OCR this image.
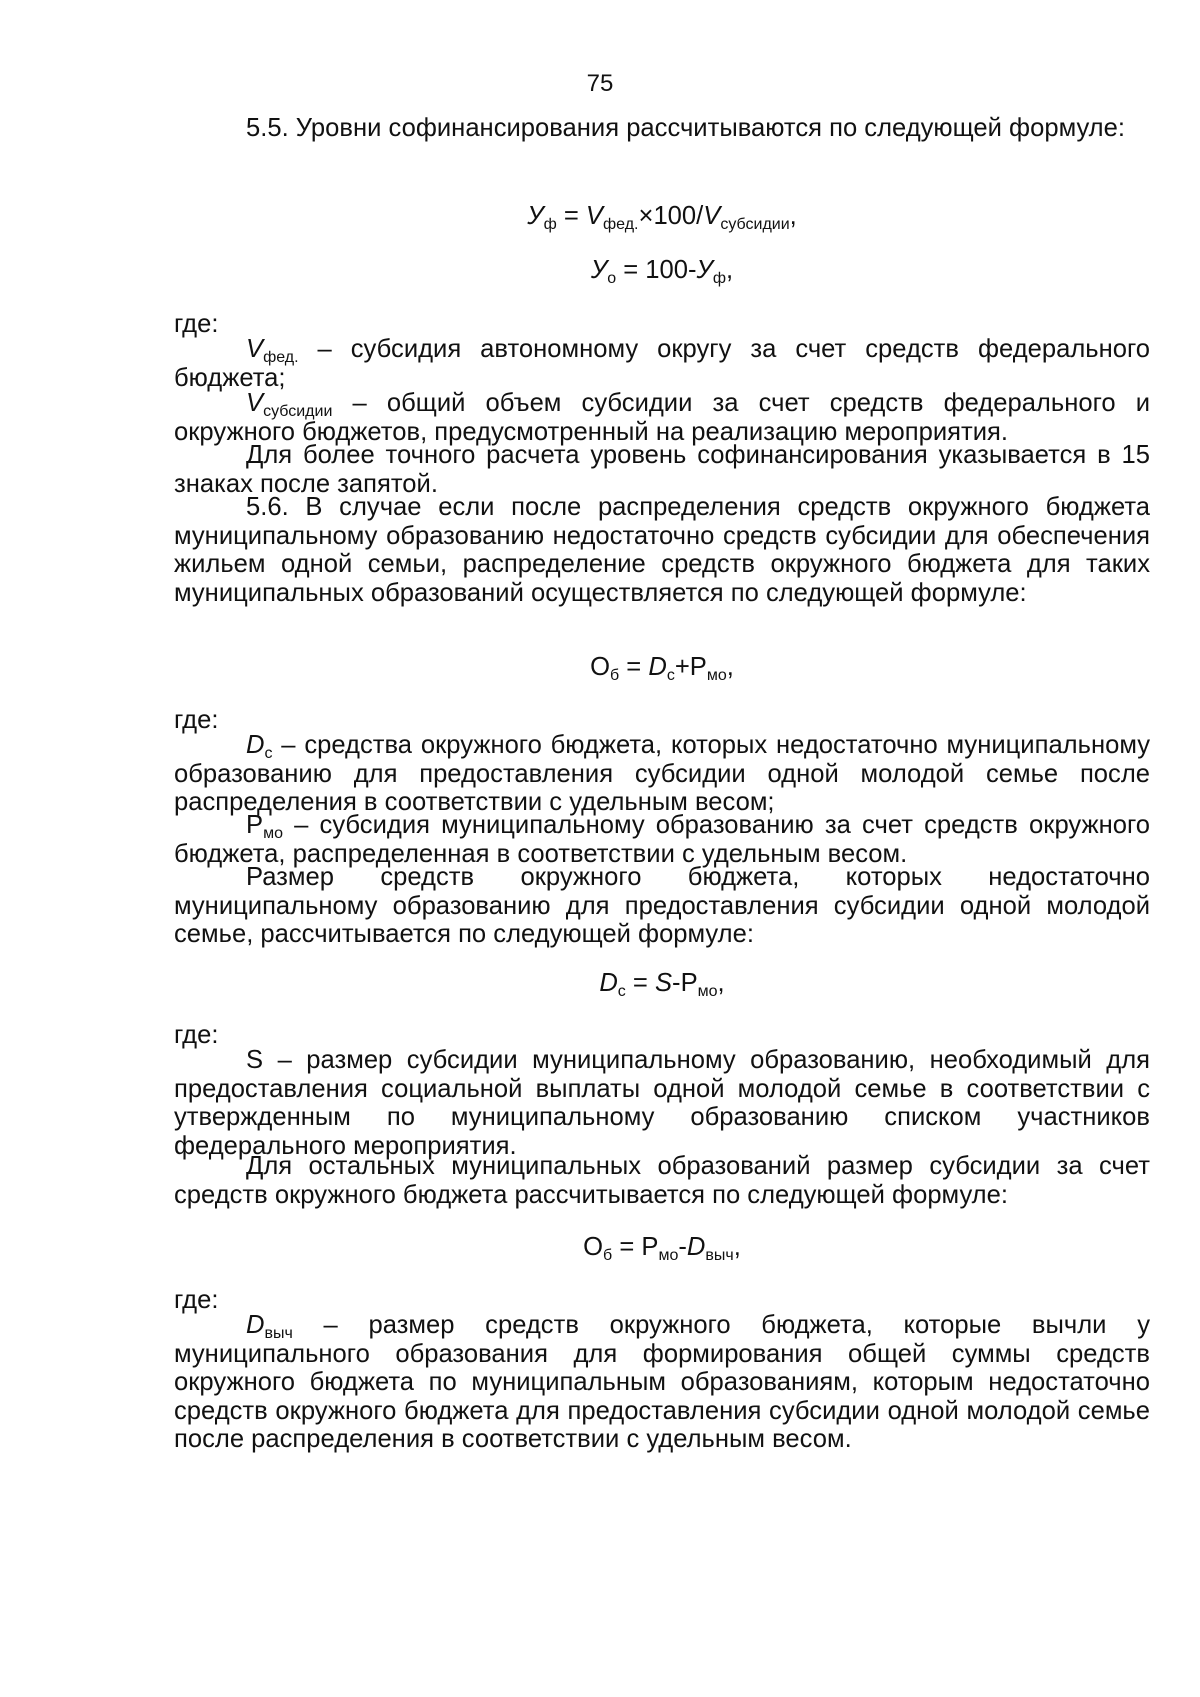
75
5.5. Уровни софинансирования рассчитываются по следующей формуле:
$У_ф = V_{фед.}\times 100/V_{субсидии}$,
$У_о = 100-У_ф$,
где:
$V_{фед.}$ – субсидия автономному округу за счет средств федерального бюджета;
$V_{субсидии}$ – общий объем субсидии за счет средств федерального и окружного бюджетов, предусмотренный на реализацию мероприятия.
Для более точного расчета уровень софинансирования указывается в 15 знаках после запятой.
5.6. В случае если после распределения средств окружного бюджета муниципальному образованию недостаточно средств субсидии для обеспечения жильем одной семьи, распределение средств окружного бюджета для таких муниципальных образований осуществляется по следующей формуле:
$О_б = D_с+Р_{мо}$,
где:
$D_с$ – средства окружного бюджета, которых недостаточно муниципальному образованию для предоставления субсидии одной молодой семье после распределения в соответствии с удельным весом;
$Р_{мо}$ – субсидия муниципальному образованию за счет средств окружного бюджета, распределенная в соответствии с удельным весом.
Размер средств окружного бюджета, которых недостаточно муниципальному образованию для предоставления субсидии одной молодой семье, рассчитывается по следующей формуле:
$D_с = S-Р_{мо}$,
где:
S – размер субсидии муниципальному образованию, необходимый для предоставления социальной выплаты одной молодой семье в соответствии с утвержденным по муниципальному образованию списком участников федерального мероприятия.
Для остальных муниципальных образований размер субсидии за счет средств окружного бюджета рассчитывается по следующей формуле:
$О_б = Р_{мо}-D_{выч}$,
где:
$D_{выч}$ – размер средств окружного бюджета, которые вычли у муниципального образования для формирования общей суммы средств окружного бюджета по муниципальным образованиям, которым недостаточно средств окружного бюджета для предоставления субсидии одной молодой семье после распределения в соответствии с удельным весом.
